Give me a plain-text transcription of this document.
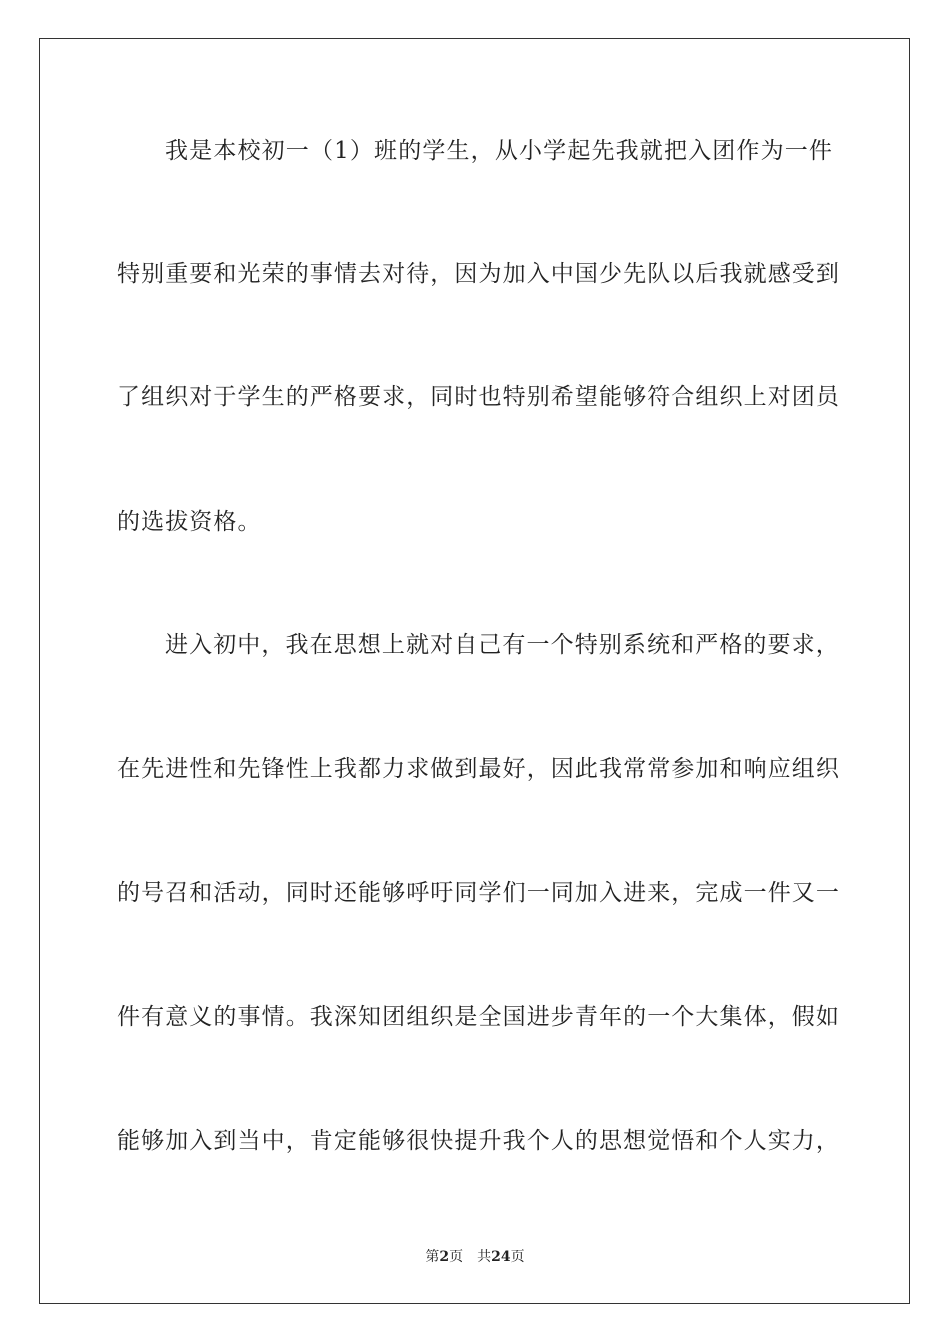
我是本校初一（1）班的学生，从小学起先我就把入团作为一件
特别重要和光荣的事情去对待，因为加入中国少先队以后我就感受到
了组织对于学生的严格要求，同时也特别希望能够符合组织上对团员
的选拔资格。
进入初中，我在思想上就对自己有一个特别系统和严格的要求，
在先进性和先锋性上我都力求做到最好，因此我常常参加和响应组织
的号召和活动，同时还能够呼吁同学们一同加入进来，完成一件又一
件有意义的事情。我深知团组织是全国进步青年的一个大集体，假如
能够加入到当中，肯定能够很快提升我个人的思想觉悟和个人实力，
第2页 共24页
